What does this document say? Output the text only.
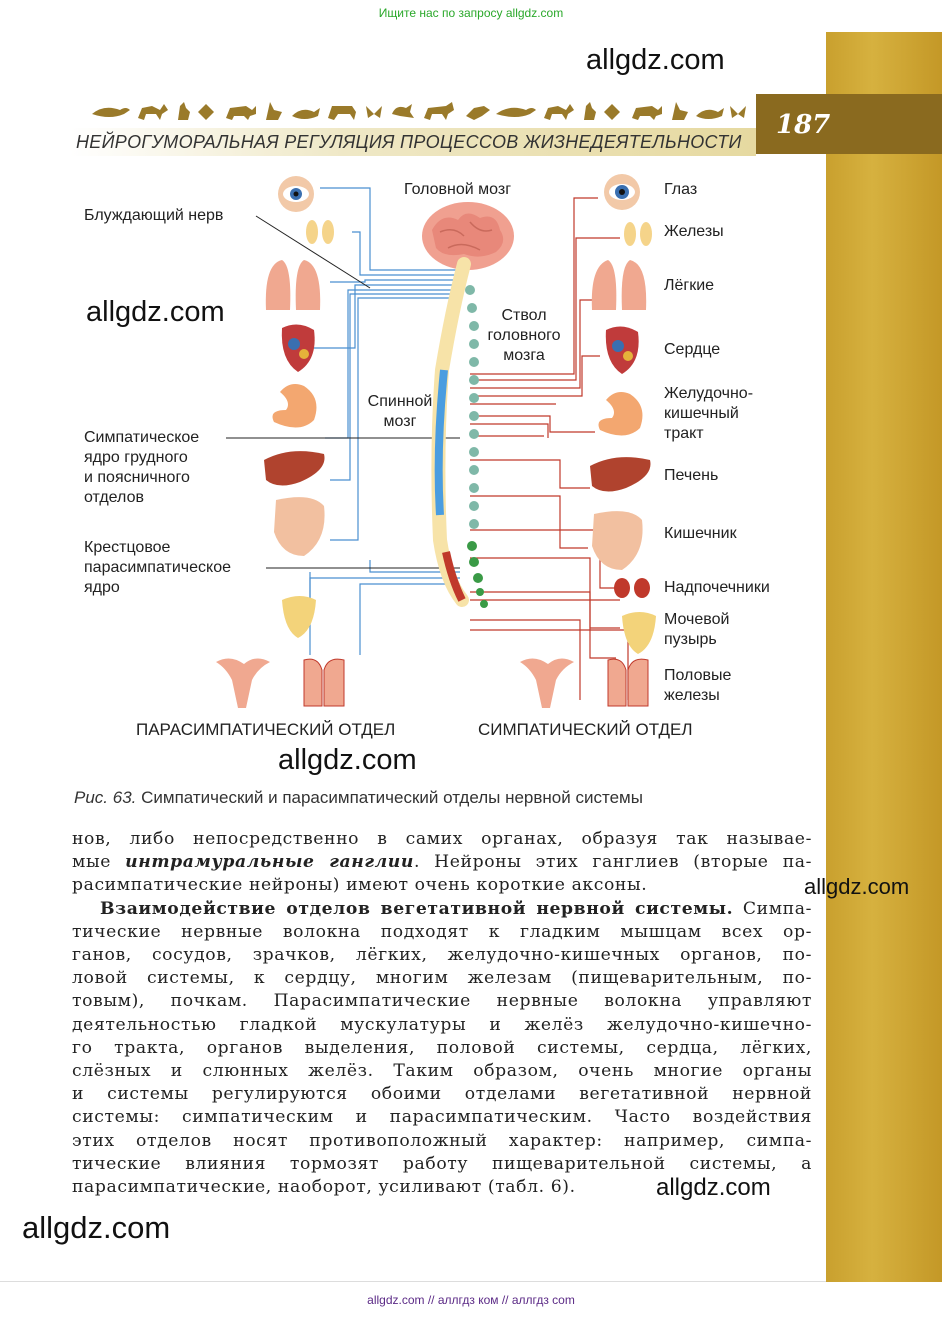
Ищите нас по запросу allgdz.com
187
НЕЙРОГУМОРАЛЬНАЯ РЕГУЛЯЦИЯ ПРОЦЕССОВ ЖИЗНЕДЕЯТЕЛЬНОСТИ
allgdz.com
allgdz.com
allgdz.com
allgdz.com
allgdz.com
allgdz.com
Блуждающий нерв
Симпатическое
ядро грудного
и поясничного
отделов
Крестцовое
парасимпатическое
ядро
Головной мозг
Ствол
головного
мозга
Спинной
мозг
Глаз
Железы
Лёгкие
Сердце
Желудочно-
кишечный
тракт
Печень
Кишечник
Надпочечники
Мочевой
пузырь
Половые
железы
ПАРАСИМПАТИЧЕСКИЙ ОТДЕЛ	СИМПАТИЧЕСКИЙ ОТДЕЛ
Рис. 63. Симпатический и парасимпатический отделы нервной системы

нов, либо непосредственно в самих органах, образуя так называе-

мые интрамуральные ганглии. Нейроны этих ганглиев (вторые па-

расимпатические нейроны) имеют очень короткие аксоны.

Взаимодействие отделов вегетативной нервной системы. Симпа-

тические нервные волокна подходят к гладким мышцам всех ор-

ганов, сосудов, зрачков, лёгких, желудочно-кишечных органов, по-

ловой системы, к сердцу, многим железам (пищеварительным, по-

товым), почкам. Парасимпатические нервные волокна управляют

деятельностью гладкой мускулатуры и желёз желудочно-кишечно-

го тракта, органов выделения, половой системы, сердца, лёгких,

слёзных и слюнных желёз. Таким образом, очень многие органы

и системы регулируются обоими отделами вегетативной нервной

системы: симпатическим и парасимпатическим. Часто воздействия

этих отделов носят противоположный характер: например, симпа-

тические влияния тормозят работу пищеварительной системы, а

парасимпатические, наоборот, усиливают (табл. 6).

allgdz.com // аллгдз ком // аллгдз com
